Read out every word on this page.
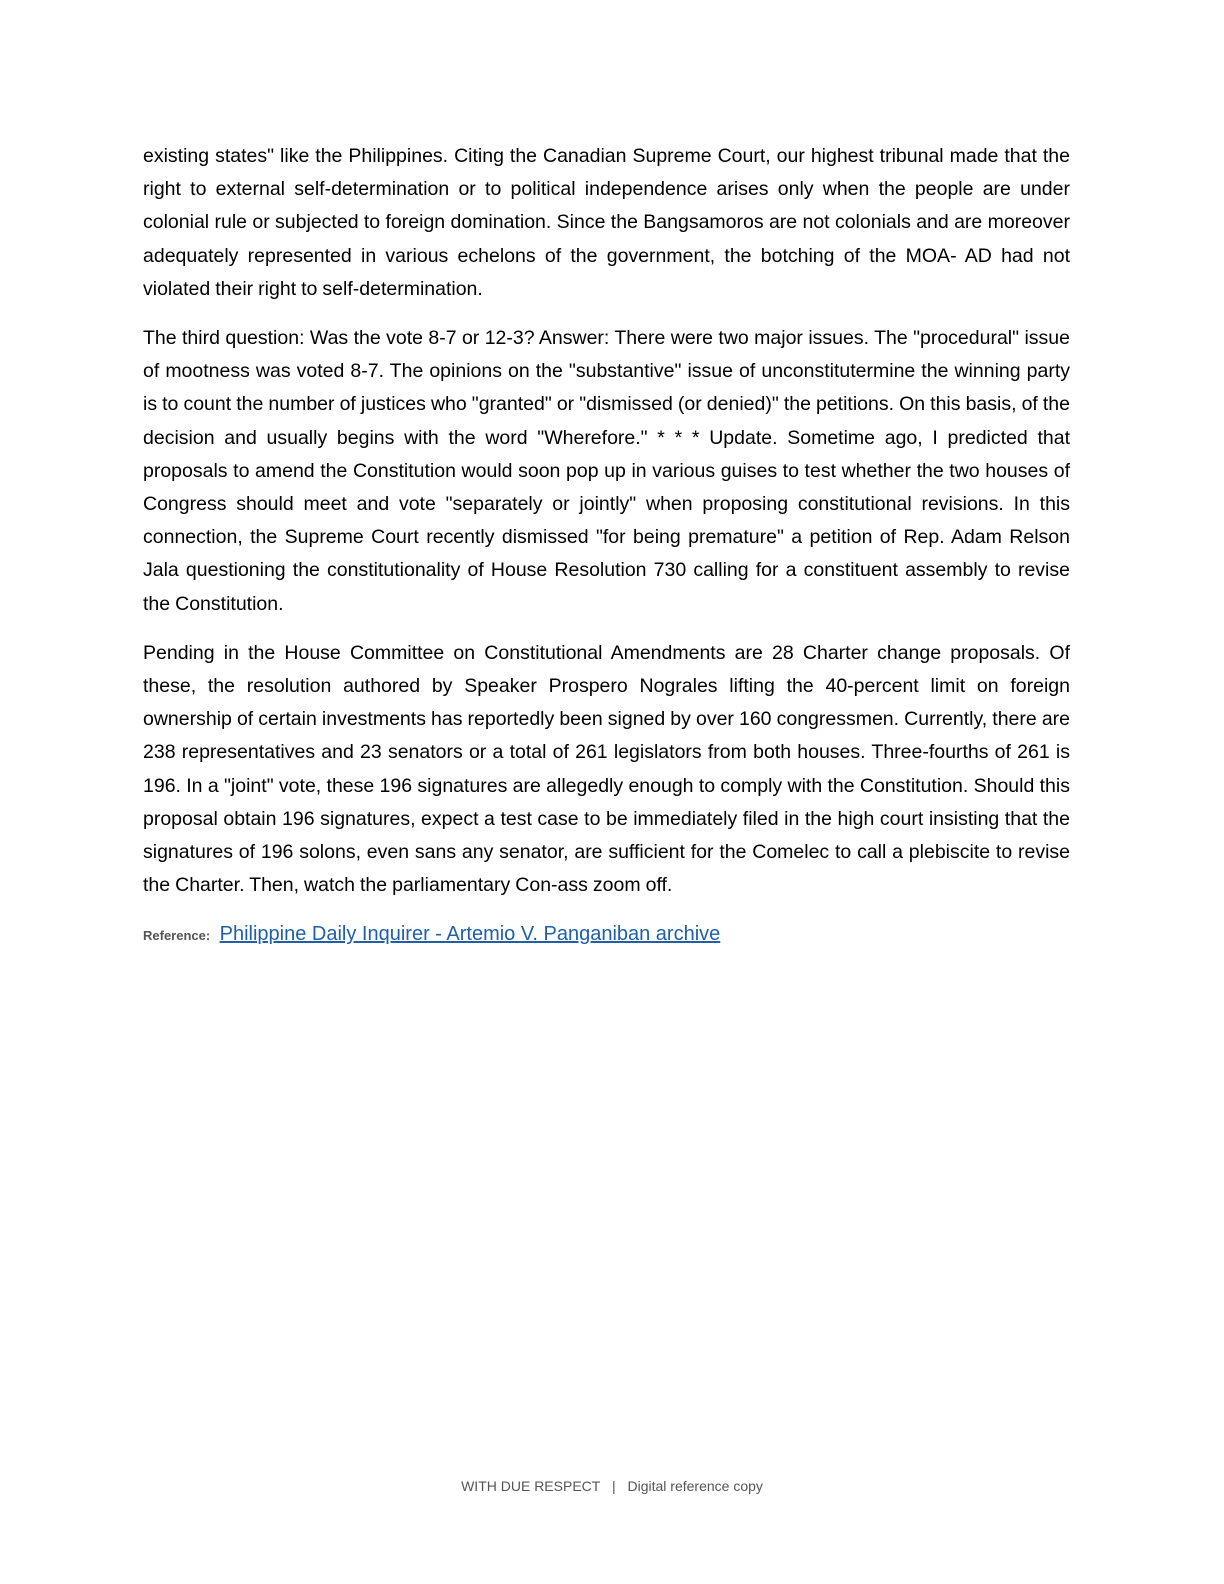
existing states" like the Philippines. Citing the Canadian Supreme Court, our highest tribunal made that the right to external self-determination or to political independence arises only when the people are under colonial rule or subjected to foreign domination. Since the Bangsamoros are not colonials and are moreover adequately represented in various echelons of the government, the botching of the MOA- AD had not violated their right to self-determination.

The third question: Was the vote 8-7 or 12-3? Answer: There were two major issues. The "procedural" issue of mootness was voted 8-7. The opinions on the "substantive" issue of unconstitutermine the winning party is to count the number of justices who "granted" or "dismissed (or denied)" the petitions. On this basis, of the decision and usually begins with the word "Wherefore." * * * Update. Sometime ago, I predicted that proposals to amend the Constitution would soon pop up in various guises to test whether the two houses of Congress should meet and vote "separately or jointly" when proposing constitutional revisions. In this connection, the Supreme Court recently dismissed "for being premature" a petition of Rep. Adam Relson Jala questioning the constitutionality of House Resolution 730 calling for a constituent assembly to revise the Constitution.

Pending in the House Committee on Constitutional Amendments are 28 Charter change proposals. Of these, the resolution authored by Speaker Prospero Nograles lifting the 40-percent limit on foreign ownership of certain investments has reportedly been signed by over 160 congressmen. Currently, there are 238 representatives and 23 senators or a total of 261 legislators from both houses. Three-fourths of 261 is 196. In a "joint" vote, these 196 signatures are allegedly enough to comply with the Constitution. Should this proposal obtain 196 signatures, expect a test case to be immediately filed in the high court insisting that the signatures of 196 solons, even sans any senator, are sufficient for the Comelec to call a plebiscite to revise the Charter. Then, watch the parliamentary Con-ass zoom off.

Reference: Philippine Daily Inquirer - Artemio V. Panganiban archive
WITH DUE RESPECT | Digital reference copy
